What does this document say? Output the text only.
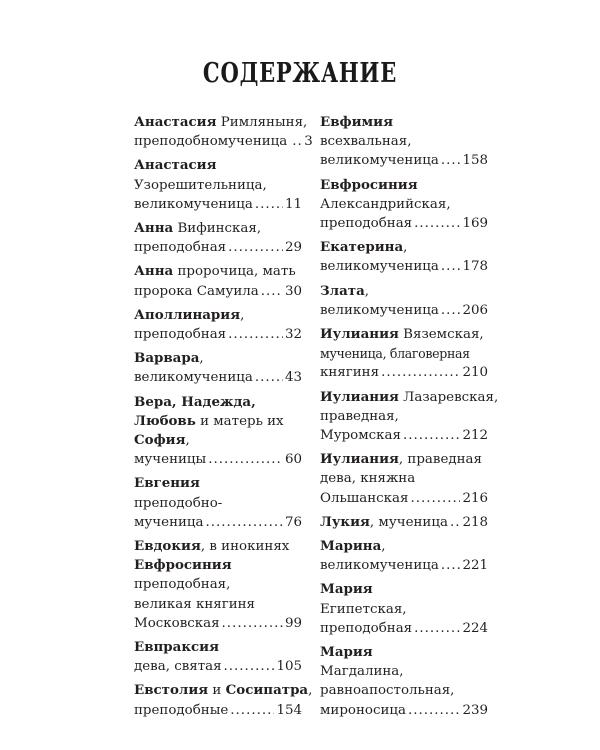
СОДЕРЖАНИЕ
Анастасия Римляныня,
преподобномученица ..... 3
Анастасия
Узорешительница,
великомученица ..... 11
Анна Вифинская,
преподобная .....	29
Анна пророчица, мать
пророка Самуила ..... 30
Аполлинария,
преподобная .....	32
Варвара,
великомученица ..... 43
Вера, Надежда,
Любовь и матерь их
София,
мученицы .....	60
Евгения
преподобно-
мученица .....	76
Евдокия, в инокинях
Евфросиния
преподобная,
великая княгиня
Московская .....	99
Евпраксия
дева, святая .....	105
Евстолия и Сосипатра,
преподобные .....	154
Евфимия
всехвальная,
великомученица ..... 158
Евфросиния
Александрийская,
преподобная .....	169
Екатерина,
великомученица ..... 178
Злата,
великомученица ..... 206
Иулиания Вяземская,
мученица, благоверная
княгиня .....	210
Иулиания Лазаревская,
праведная,
Муромская .....	212
Иулиания, праведная
дева, княжна
Ольшанская .....	216
Лукия, мученица ..... 218
Марина,
великомученица ..... 221
Мария
Египетская,
преподобная .....	224
Мария
Магдалина,
равноапостольная,
мироносица .....	239
